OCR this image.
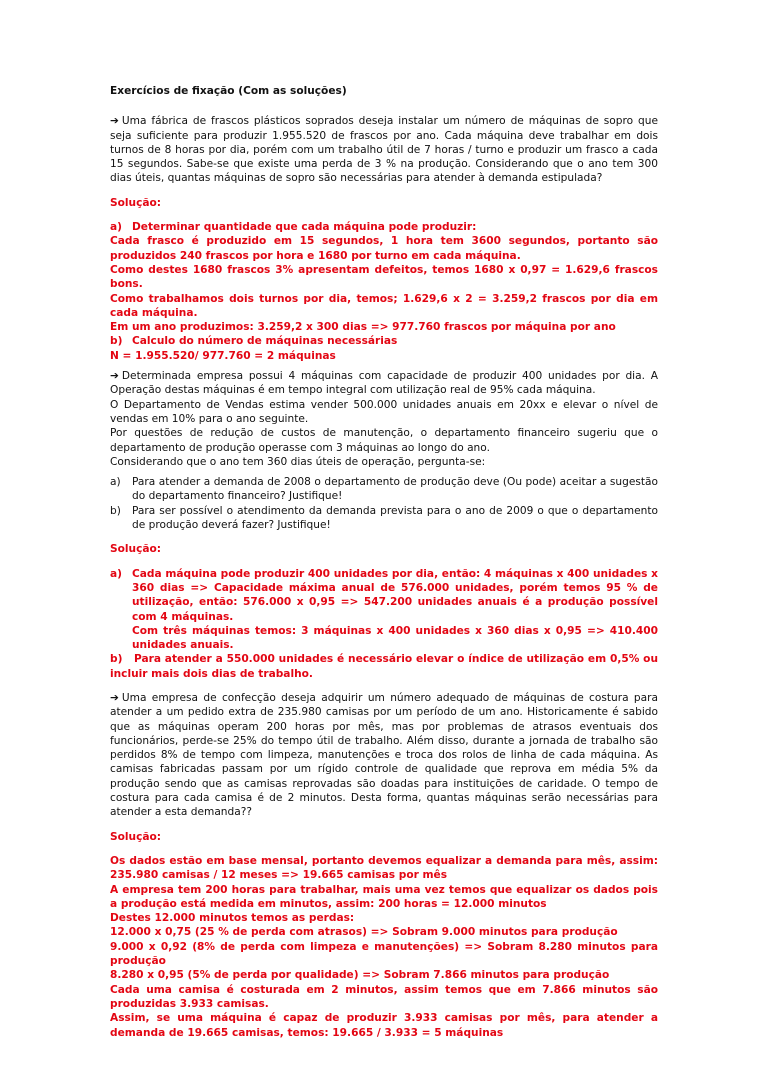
Exercícios de fixação (Com as soluções)

➔ Uma fábrica de frascos plásticos soprados deseja instalar um número de máquinas de sopro que seja suficiente para produzir 1.955.520 de frascos por ano. Cada máquina deve trabalhar em dois turnos de 8 horas por dia, porém com um trabalho útil de 7 horas / turno e produzir um frasco a cada 15 segundos. Sabe-se que existe uma perda de 3 % na produção. Considerando que o ano tem 300 dias úteis, quantas máquinas de sopro são necessárias para atender à demanda estipulada?

Solução:

a) Determinar quantidade que cada máquina pode produzir:

Cada frasco é produzido em 15 segundos, 1 hora tem 3600 segundos, portanto são produzidos 240 frascos por hora e 1680 por turno em cada máquina.

Como destes 1680 frascos 3% apresentam defeitos, temos 1680 x 0,97 = 1.629,6 frascos bons.

Como trabalhamos dois turnos por dia, temos; 1.629,6 x 2 = 3.259,2 frascos por dia em cada máquina.

Em um ano produzimos: 3.259,2 x 300 dias => 977.760 frascos por máquina por ano

b) Calculo do número de máquinas necessárias

N = 1.955.520/ 977.760 = 2 máquinas

➔ Determinada empresa possui 4 máquinas com capacidade de produzir 400 unidades por dia. A Operação destas máquinas é em tempo integral com utilização real de 95% cada máquina.

O Departamento de Vendas estima vender 500.000 unidades anuais em 20xx e elevar o nível de vendas em 10% para o ano seguinte.

Por questões de redução de custos de manutenção, o departamento financeiro sugeriu que o departamento de produção operasse com 3 máquinas ao longo do ano.

Considerando que o ano tem 360 dias úteis de operação, pergunta-se:

a)	Para atender a demanda de 2008 o departamento de produção deve (Ou pode) aceitar a sugestão do departamento financeiro? Justifique!
b)	Para ser possível o atendimento da demanda prevista para o ano de 2009 o que o departamento de produção deverá fazer? Justifique!

Solução:

a) Cada máquina pode produzir 400 unidades por dia, então: 4 máquinas x 400 unidades x 360 dias => Capacidade máxima anual de 576.000 unidades, porém temos 95 % de utilização, então: 576.000 x 0,95 => 547.200 unidades anuais é a produção possível com 4 máquinas.

Com três máquinas temos: 3 máquinas x 400 unidades x 360 dias x 0,95 => 410.400 unidades anuais.

b) Para atender a 550.000 unidades é necessário elevar o índice de utilização em 0,5% ou incluir mais dois dias de trabalho.

➔ Uma empresa de confecção deseja adquirir um número adequado de máquinas de costura para atender a um pedido extra de 235.980 camisas por um período de um ano. Historicamente é sabido que as máquinas operam 200 horas por mês, mas por problemas de atrasos eventuais dos funcionários, perde-se 25% do tempo útil de trabalho. Além disso, durante a jornada de trabalho são perdidos 8% de tempo com limpeza, manutenções e troca dos rolos de linha de cada máquina. As camisas fabricadas passam por um rígido controle de qualidade que reprova em média 5% da produção sendo que as camisas reprovadas são doadas para instituições de caridade. O tempo de costura para cada camisa é de 2 minutos. Desta forma, quantas máquinas serão necessárias para atender a esta demanda??

Solução:

Os dados estão em base mensal, portanto devemos equalizar a demanda para mês, assim: 235.980 camisas / 12 meses => 19.665 camisas por mês

A empresa tem 200 horas para trabalhar, mais uma vez temos que equalizar os dados pois a produção está medida em minutos, assim: 200 horas = 12.000 minutos

Destes 12.000 minutos temos as perdas:

12.000 x 0,75 (25 % de perda com atrasos) => Sobram 9.000 minutos para produção

9.000 x 0,92 (8% de perda com limpeza e manutenções) => Sobram 8.280 minutos para produção

8.280 x 0,95 (5% de perda por qualidade) => Sobram 7.866 minutos para produção

Cada uma camisa é costurada em 2 minutos, assim temos que em 7.866 minutos são produzidas 3.933 camisas.

Assim, se uma máquina é capaz de produzir 3.933 camisas por mês, para atender a demanda de 19.665 camisas, temos: 19.665 / 3.933 = 5 máquinas
